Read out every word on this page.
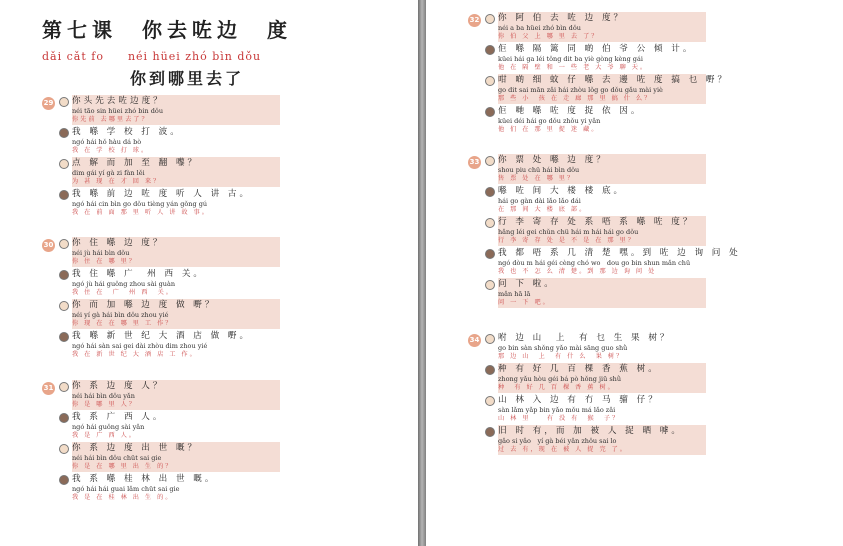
第七课　你去咗边　度
dǎi cǎt fo　　néi hüei zhó bìn dǒu
你到哪里去了
29 你头先去咗边度？
néi tão sin hüei zhó bin dǒu
你先前 去哪里去了？
我 喺 学 校 打 波。
ngó hái hǒ hàu dá bò
我 在 学 校 打 球。
点 解 而 加 至 翻 嚟？
dim gái yí gà zi fàn lěi
为 甚 现 在 才 回 来？
我 喺 前 边 咗 度 听 人 讲 古。
ngó hái cin bìn go dǒu tièng yán gǒng gú
我 在 前 面 那 里 听 人 讲 故 事。
30 你 住 喺 边 度？
néi jù hái bìn dǒu
你 住 在 哪 里？
我 住 喺 广　州 西 关。
ngó jù hái guǒng zhou sài guàn
我 住 在　广　州 西　关。
你 而 加 喺 边 度 做 嘢？
néi yí gà hái bìn dǒu zhou yié
你 现 在 在 哪 里 工 作？
我 喺 新 世 纪 大 酒 店 做 嘢。
ngó hái sàn sai gei dài zhòu dim zhou yié
我 在 新 世 纪 大 酒 店 工 作。
31 你 系 边 度 人？
néi hái bìn dǒu yǎn
你 是 哪 里 人？
我 系 广 西 人。
ngó hái guǒng sài yǎn
我 是 广 西 人。
你 系 边 度 出 世 嘅？
néi hái bìn dǒu chüt sai gie
你 是 在 哪 里 出 生 的？
我 系 喺 桂 林 出 世 嘅。
ngó hái hái guai lǎm chüt sai gie
我 是 在 桂 林 出 生 的。
32 你 阿 伯 去 咗 边 度？
néi a ba hüei zhó bìn dǒu
你 伯 父 上 哪 里 去 了？
佢 喺 隔 篱 同 啲 伯 爷 公 倾 计。
küei hái ga léi tǒng dit ba yiè gòng kèng gái
他 在 隔 壁 和 一 些 老 大 爷 聊 天。
咁 啲 细 蚊 仔 喺 去 邊 咗 度 搞 乜 嘢？
go dit sai mān zǎi hái zhòu lǒg go dǒu gǎu mài yiè
那 些 小　孩 在 走 廊 那 里 搞 什 么？
佢 哋 喺 咗 度 捉 依 因。
küei déi hái go dǒu zhǒu yi yǎn
他 们 在 那 里 捉 迷 藏。
33 你 票 处 喺 边 度？
shou piu chü hái bìn dǒu
售 票 处 在 哪 里？
喺 咗 间 大 楼 楼 底。
hái go gàn dài lǎo lǎo dái
在 那 间 大 楼 底 部。
行 李 寄 存 处 系 唔 系 喺 咗 度？
hǎng léi gei chǔn chü hái m hái hái go dǒu
行 李 寄 存 处 是 不 是 在 那 里？
我 都 唔 系 几 清 楚 嘿。到 咗 边 询 问 处
ngó dòu m hái géi cèng chó wo　dou go bin shun mǎn chü
我 也 不 怎 么 清 楚。到 那 边 询 问 处
问 下 啦。
mǎn hā lā
问 一 下 吧。
34 咐 边 山　上　有 乜 生 果 树？
go bin sàn shǒng yǎo mài sāng guo shǜ
那 边 山　上　有 什 么　果 树？
种 有 好 几 百 棵 香 蕉 树。
zhong yǎu hòu géi bá pò hǒng jiū shǜ
种　有 好 几 百 棵 香 蕉 树。
山 林 入 边 有 冇 马 骝 仔？
sàn lǎm yǎp bin yǎo mǒu má lǎo zǎi
山 林 里　　有 没 有　猴　子？
旧 时 有，而 加 被 人 捉 晒 嘑。
gǎo si yǎo　yí gà béi yǎn zhǒu sai lo
过 去 有，现 在 被 人 捉 完 了。
